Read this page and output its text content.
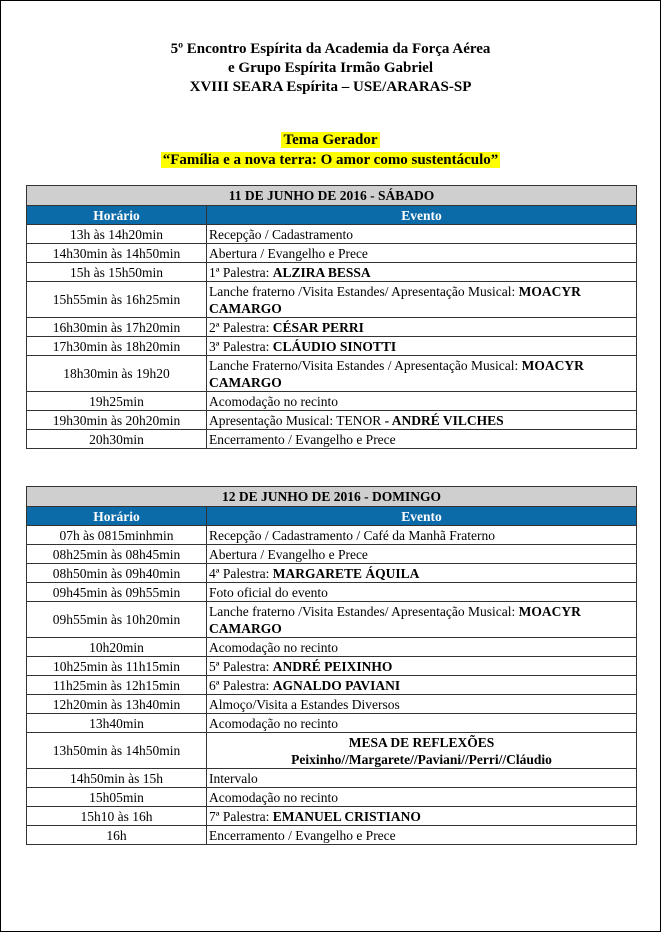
5º Encontro Espírita da Academia da Força Aérea
e Grupo Espírita Irmão Gabriel
XVIII SEARA Espírita – USE/ARARAS-SP
Tema Gerador
“Família e a nova terra: O amor como sustentáculo”
11 DE JUNHO DE 2016 - SÁBADO	
Horário	Evento
13h às 14h20min	Recepção / Cadastramento
14h30min às 14h50min	Abertura / Evangelho e Prece
15h às 15h50min	1ª Palestra: ALZIRA BESSA
15h55min às 16h25min	Lanche fraterno /Visita Estandes/ Apresentação Musical: MOACYR CAMARGO
16h30min às 17h20min	2ª Palestra: CÉSAR PERRI
17h30min às 18h20min	3ª Palestra: CLÁUDIO SINOTTI
18h30min às 19h20	Lanche Fraterno/Visita Estandes / Apresentação Musical: MOACYR CAMARGO
19h25min	Acomodação no recinto
19h30min às 20h20min	Apresentação Musical: TENOR - ANDRÉ VILCHES
20h30min	Encerramento / Evangelho e Prece
12 DE JUNHO DE 2016 - DOMINGO	
Horário	Evento
07h às 0815minhmin	Recepção / Cadastramento / Café da Manhã Fraterno
08h25min às 08h45min	Abertura / Evangelho e Prece
08h50min às 09h40min	4ª Palestra: MARGARETE ÁQUILA
09h45min às 09h55min	Foto oficial do evento
09h55min às 10h20min	Lanche fraterno /Visita Estandes/ Apresentação Musical: MOACYR CAMARGO
10h20min	Acomodação no recinto
10h25min às 11h15min	5ª Palestra: ANDRÉ PEIXINHO
11h25min às 12h15min	6ª Palestra: AGNALDO PAVIANI
12h20min às 13h40min	Almoço/Visita a Estandes Diversos
13h40min	Acomodação no recinto
13h50min às 14h50min	MESA DE REFLEXÕES
Peixinho//Margarete//Paviani//Perri//Cláudio

14h50min às 15h	Intervalo
15h05min	Acomodação no recinto
15h10 às 16h	7ª Palestra: EMANUEL CRISTIANO
16h	Encerramento / Evangelho e Prece
